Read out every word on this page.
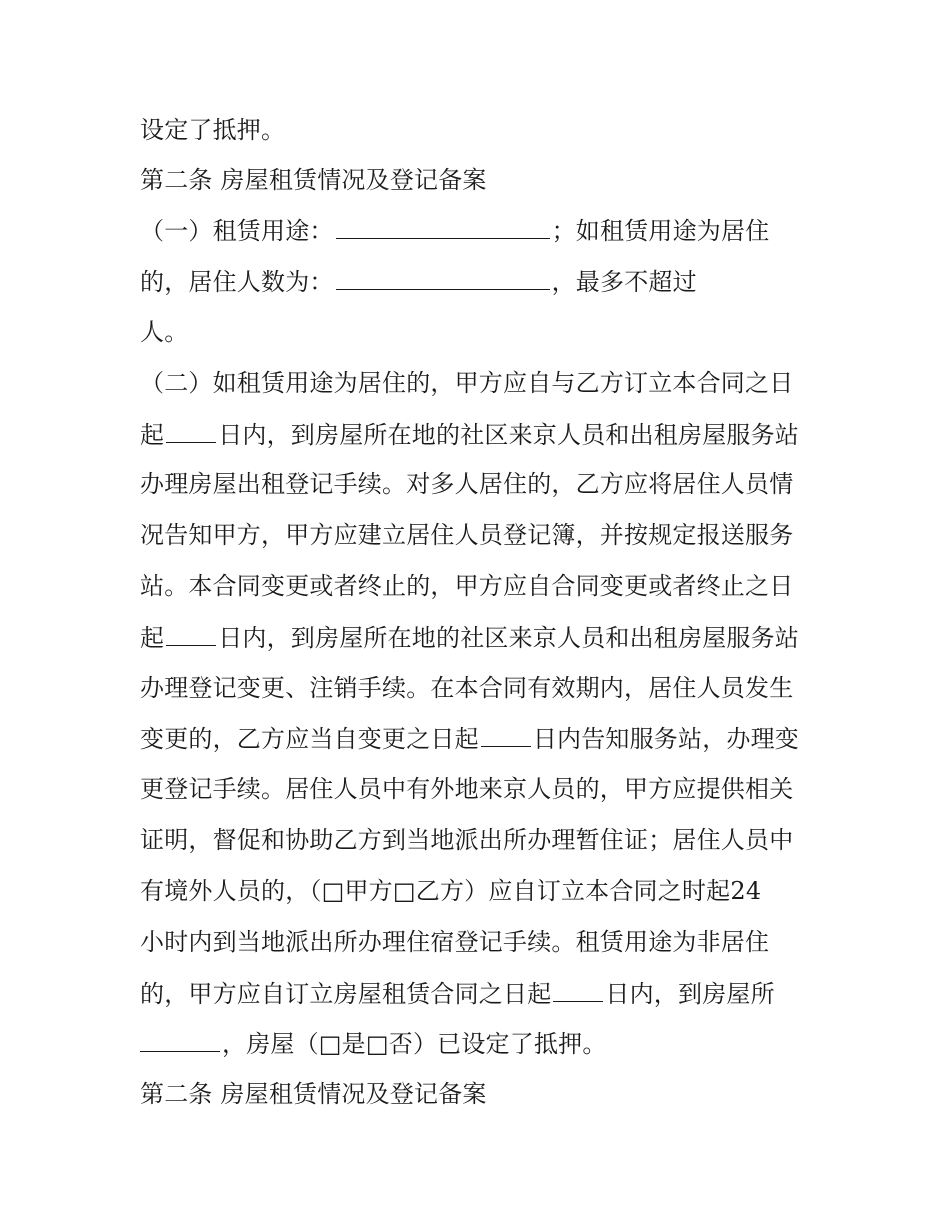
设定了抵押。
第二条 房屋租赁情况及登记备案
（一）租赁用途：	；如租赁用途为居住
的，居住人数为：	，最多不超过
人。
（二）如租赁用途为居住的，甲方应自与乙方订立本合同之日
起 日内，到房屋所在地的社区来京人员和出租房屋服务站
办理房屋出租登记手续。对多人居住的，乙方应将居住人员情
况告知甲方，甲方应建立居住人员登记簿，并按规定报送服务
站。本合同变更或者终止的，甲方应自合同变更或者终止之日
起 日内，到房屋所在地的社区来京人员和出租房屋服务站
办理登记变更、注销手续。在本合同有效期内，居住人员发生
变更的，乙方应当自变更之日起 日内告知服务站，办理变
更登记手续。居住人员中有外地来京人员的，甲方应提供相关
证明，督促和协助乙方到当地派出所办理暂住证；居住人员中
有境外人员的，（□甲方□乙方）应自订立本合同之时起24
小时内到当地派出所办理住宿登记手续。租赁用途为非居住
的，甲方应自订立房屋租赁合同之日起 日内，到房屋所
，房屋（□是□否）已设定了抵押。
第二条 房屋租赁情况及登记备案
